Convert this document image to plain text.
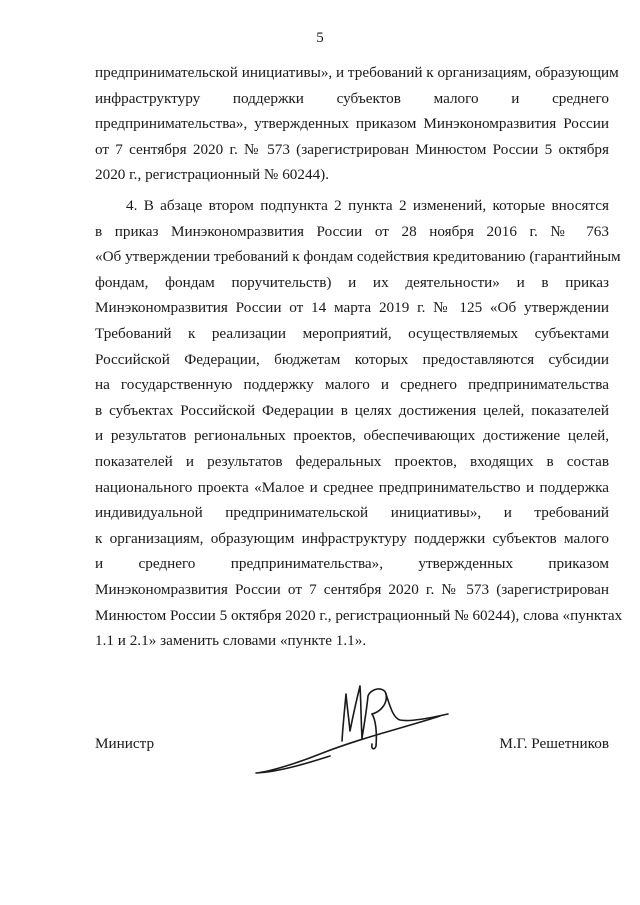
5
предпринимательской инициативы», и требований к организациям, образующим
инфраструктуру поддержки субъектов малого и среднего
предпринимательства», утвержденных приказом Минэкономразвития России
от 7 сентября 2020 г. № 573 (зарегистрирован Минюстом России 5 октября
2020 г., регистрационный № 60244).
4. В абзаце втором подпункта 2 пункта 2 изменений, которые вносятся
в приказ Минэкономразвития России от 28 ноября 2016 г. № 763
«Об утверждении требований к фондам содействия кредитованию (гарантийным
фондам, фондам поручительств) и их деятельности» и в приказ
Минэкономразвития России от 14 марта 2019 г. № 125 «Об утверждении
Требований к реализации мероприятий, осуществляемых субъектами
Российской Федерации, бюджетам которых предоставляются субсидии
на государственную поддержку малого и среднего предпринимательства
в субъектах Российской Федерации в целях достижения целей, показателей
и результатов региональных проектов, обеспечивающих достижение целей,
показателей и результатов федеральных проектов, входящих в состав
национального проекта «Малое и среднее предпринимательство и поддержка
индивидуальной предпринимательской инициативы», и требований
к организациям, образующим инфраструктуру поддержки субъектов малого
и среднего предпринимательства», утвержденных приказом
Минэкономразвития России от 7 сентября 2020 г. № 573 (зарегистрирован
Минюстом России 5 октября 2020 г., регистрационный № 60244), слова «пунктах
1.1 и 2.1» заменить словами «пункте 1.1».
Министр	М.Г. Решетников
